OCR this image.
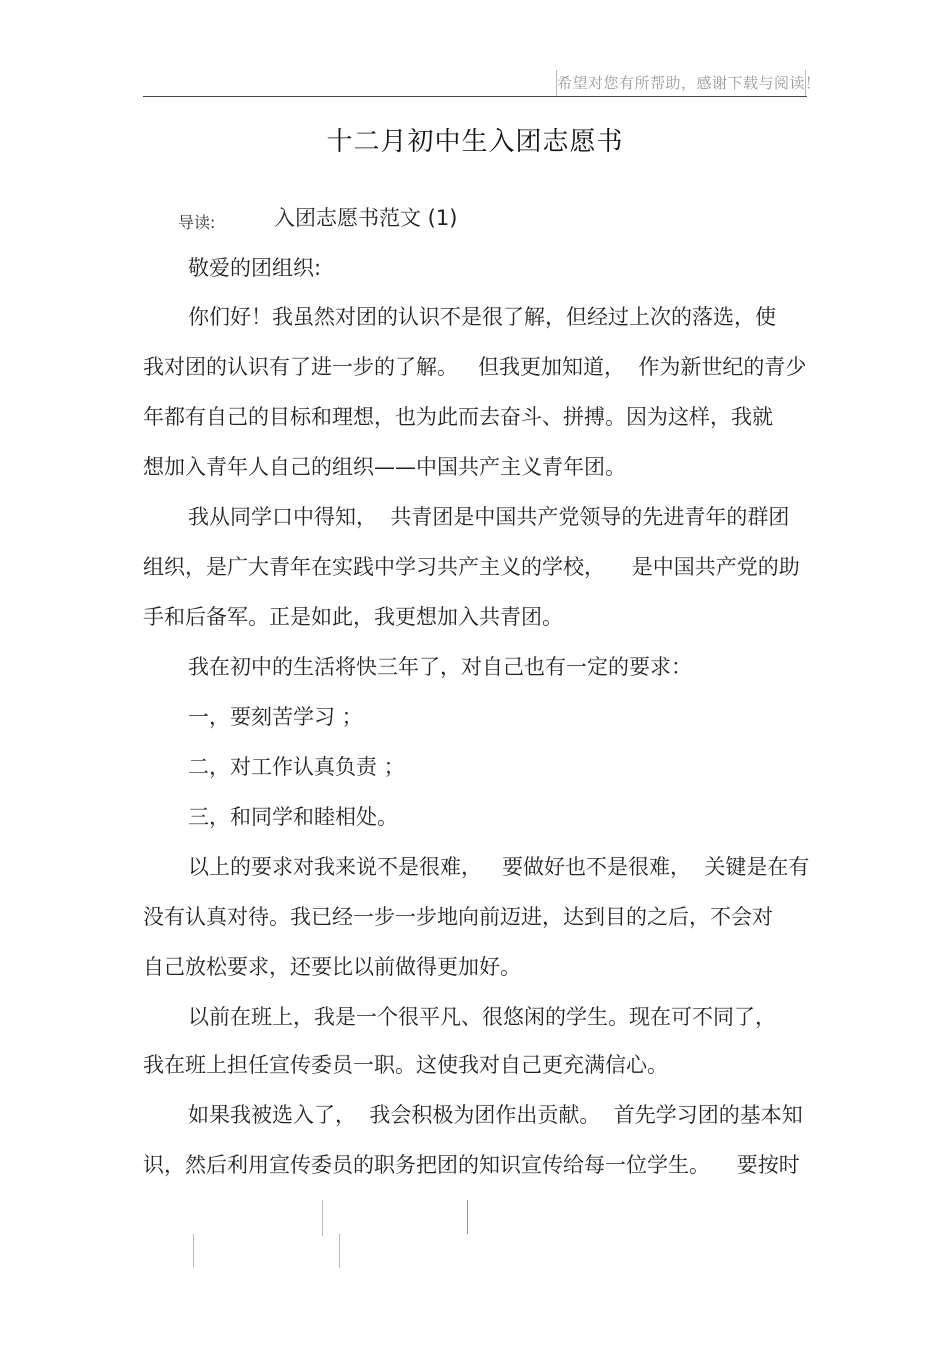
希望对您有所帮助，感谢下载与阅读！
十二月初中生入团志愿书
导读:	入团志愿书范文 (1)
敬爱的团组织:
你们好！我虽然对团的认识不是很了解，但经过上次的落选，使
我对团的认识有了进一步的了解。   但我更加知道，  作为新世纪的青少
年都有自己的目标和理想，也为此而去奋斗、拼搏。因为这样，我就
想加入青年人自己的组织——中国共产主义青年团。
我从同学口中得知，  共青团是中国共产党领导的先进青年的群团
组织，是广大青年在实践中学习共产主义的学校，    是中国共产党的助
手和后备军。正是如此，我更想加入共青团。
我在初中的生活将快三年了，对自己也有一定的要求：
一，要刻苦学习 ；
二，对工作认真负责 ；
三，和同学和睦相处。
以上的要求对我来说不是很难，   要做好也不是很难，  关键是在有
没有认真对待。我已经一步一步地向前迈进，达到目的之后，不会对
自己放松要求，还要比以前做得更加好。
以前在班上，我是一个很平凡、很悠闲的学生。现在可不同了，
我在班上担任宣传委员一职。这使我对自己更充满信心。
如果我被选入了，  我会积极为团作出贡献。  首先学习团的基本知
识，然后利用宣传委员的职务把团的知识宣传给每一位学生。    要按时
